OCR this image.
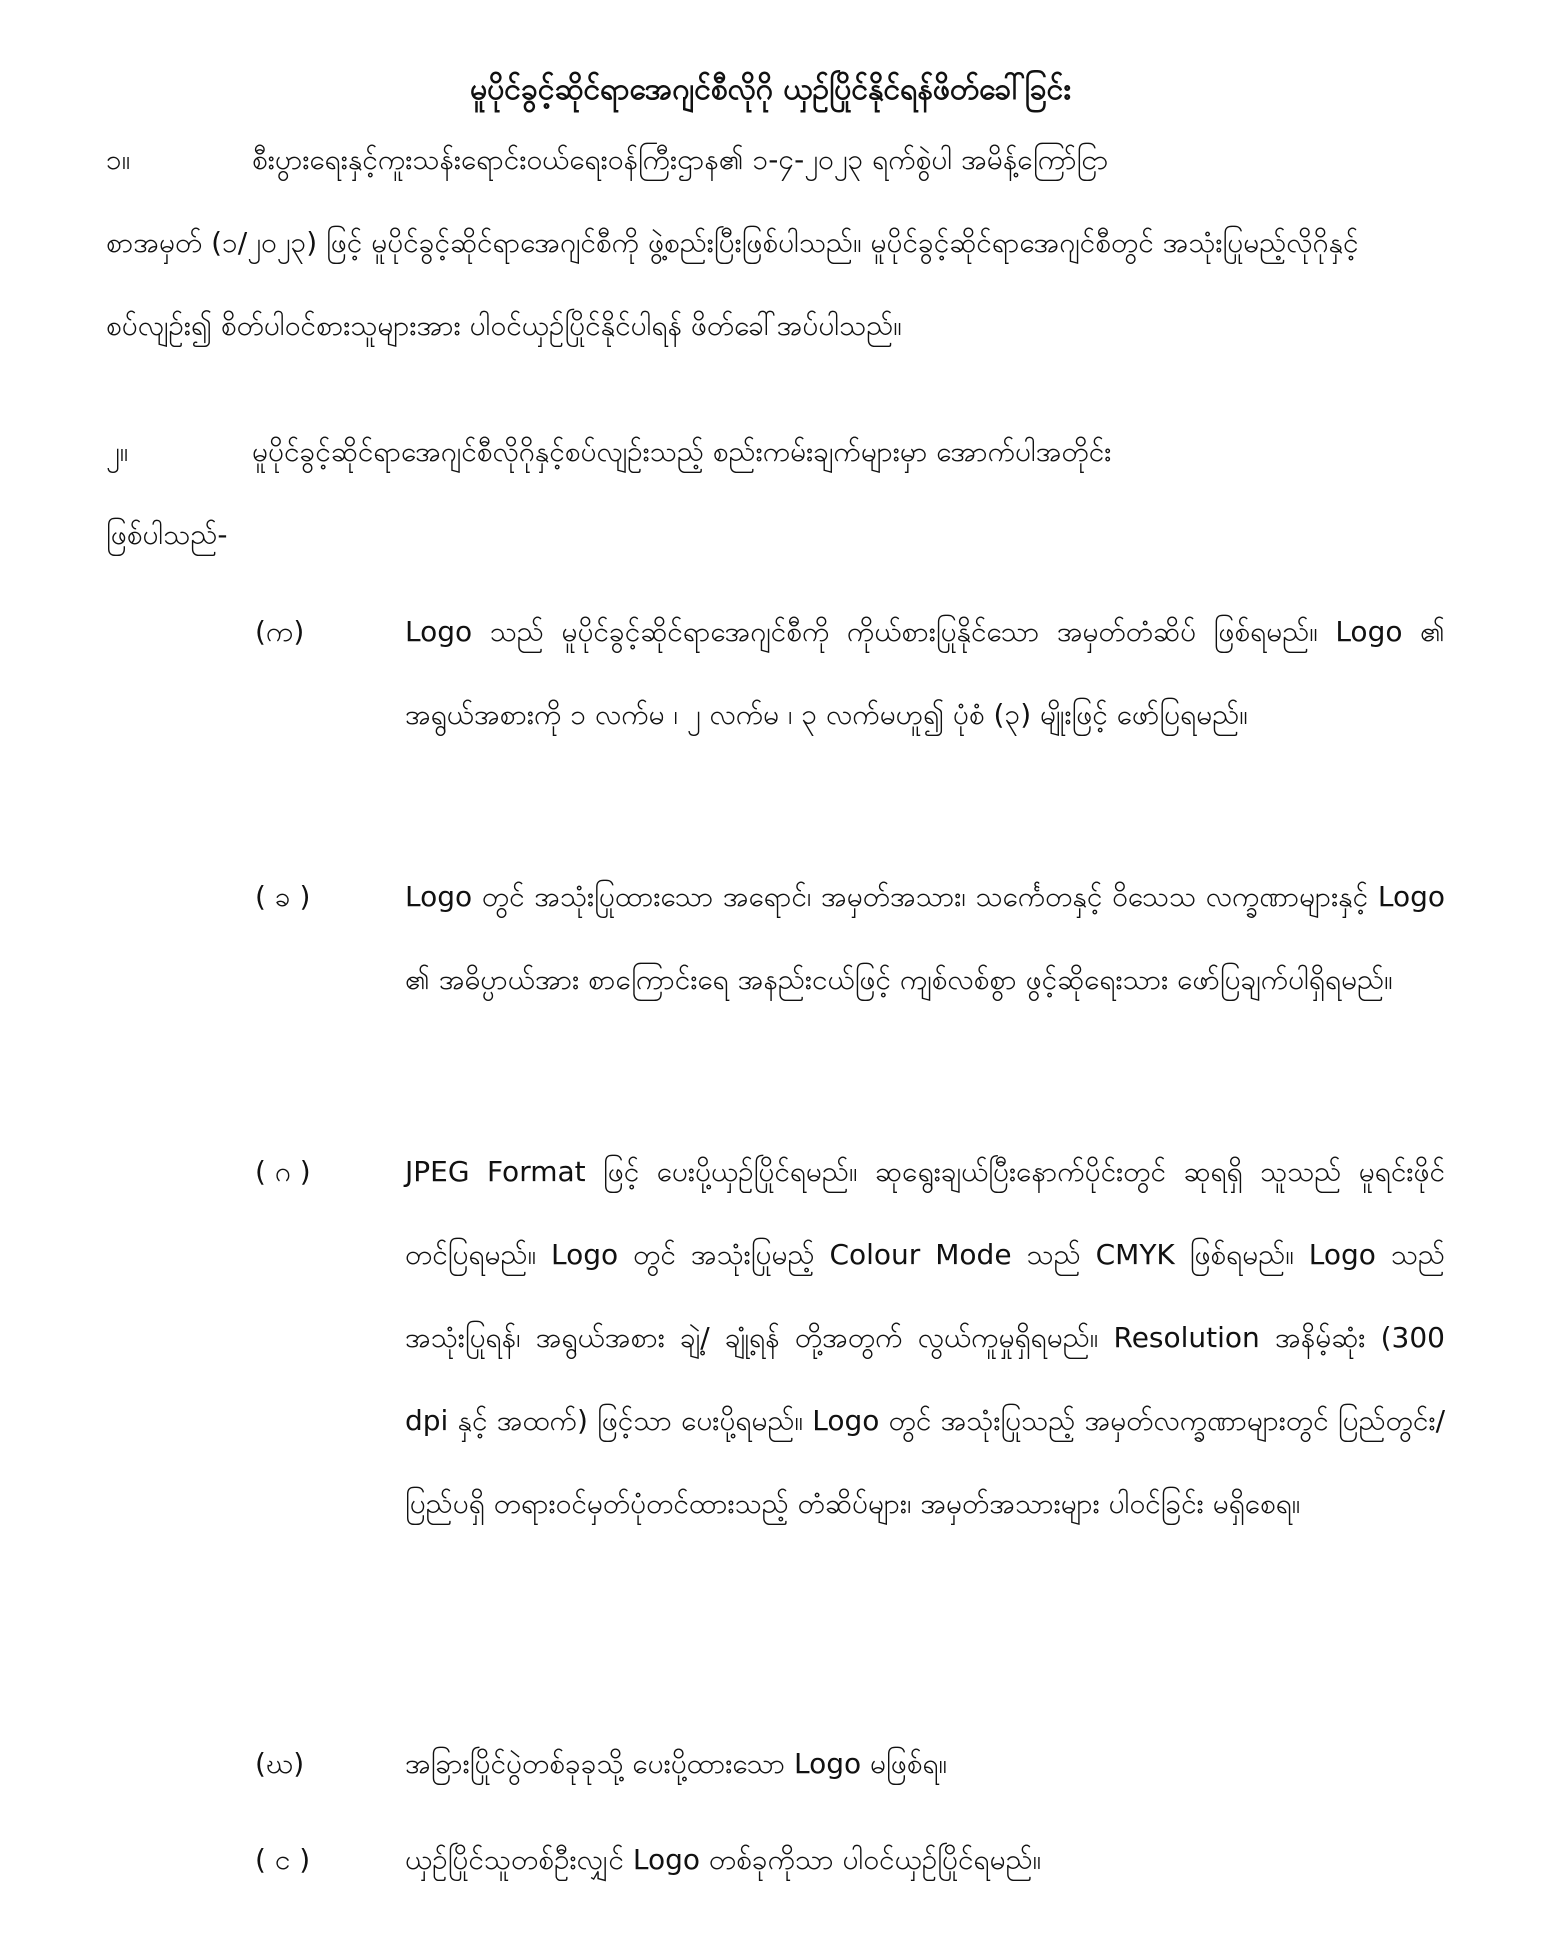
မူပိုင်ခွင့်ဆိုင်ရာအေဂျင်စီလိုဂို ယှဉ်ပြိုင်နိုင်ရန်ဖိတ်ခေါ်ခြင်း
၁။	စီးပွားရေးနှင့်ကူးသန်းရောင်းဝယ်ရေးဝန်ကြီးဌာန၏ ၁-၄-၂၀၂၃ ရက်စွဲပါ အမိန့်ကြော်ငြာ
စာအမှတ် (၁/၂၀၂၃) ဖြင့် မူပိုင်ခွင့်ဆိုင်ရာအေဂျင်စီကို ဖွဲ့စည်းပြီးဖြစ်ပါသည်။ မူပိုင်ခွင့်ဆိုင်ရာအေဂျင်စီတွင် အသုံးပြုမည့်လိုဂိုနှင့်စပ်လျဉ်း၍ စိတ်ပါဝင်စားသူများအား ပါဝင်ယှဉ်ပြိုင်နိုင်ပါရန် ဖိတ်ခေါ်အပ်ပါသည်။
၂။	မူပိုင်ခွင့်ဆိုင်ရာအေဂျင်စီလိုဂိုနှင့်စပ်လျဉ်းသည့် စည်းကမ်းချက်များမှာ အောက်ပါအတိုင်း
ဖြစ်ပါသည်-
(က)	Logo သည် မူပိုင်ခွင့်ဆိုင်ရာအေဂျင်စီကို ကိုယ်စားပြုနိုင်သော အမှတ်တံဆိပ် ဖြစ်ရမည်။ Logo ၏ အရွယ်အစားကို ၁ လက်မ ၊ ၂ လက်မ ၊ ၃ လက်မဟူ၍ ပုံစံ (၃) မျိုးဖြင့် ဖော်ပြရမည်။
( ခ )	Logo တွင် အသုံးပြုထားသော အရောင်၊ အမှတ်အသား၊ သင်္ကေတနှင့် ဝိသေသ လက္ခဏာများနှင့် Logo ၏ အဓိပ္ပာယ်အား စာကြောင်းရေ အနည်းငယ်ဖြင့် ကျစ်လစ်စွာ ဖွင့်ဆိုရေးသား ဖော်ပြချက်ပါရှိရမည်။
( ဂ )	JPEG Format ဖြင့် ပေးပို့ယှဉ်ပြိုင်ရမည်။ ဆုရွေးချယ်ပြီးနောက်ပိုင်းတွင် ဆုရရှိ သူသည် မူရင်းဖိုင် တင်ပြရမည်။ Logo တွင် အသုံးပြုမည့် Colour Mode သည် CMYK ဖြစ်ရမည်။ Logo သည် အသုံးပြုရန်၊ အရွယ်အစား ချဲ့/ ချုံ့ရန် တို့အတွက် လွယ်ကူမှုရှိရမည်။ Resolution အနိမ့်ဆုံး (300 dpi နှင့် အထက်) ဖြင့်သာ ပေးပို့ရမည်။ Logo တွင် အသုံးပြုသည့် အမှတ်လက္ခဏာများတွင် ပြည်တွင်း/ ပြည်ပရှိ တရားဝင်မှတ်ပုံတင်ထားသည့် တံဆိပ်များ၊ အမှတ်အသားများ ပါဝင်ခြင်း မရှိစေရ။
(ဃ)	အခြားပြိုင်ပွဲတစ်ခုခုသို့ ပေးပို့ထားသော Logo မဖြစ်ရ။
( င )	ယှဉ်ပြိုင်သူတစ်ဦးလျှင် Logo တစ်ခုကိုသာ ပါဝင်ယှဉ်ပြိုင်ရမည်။
